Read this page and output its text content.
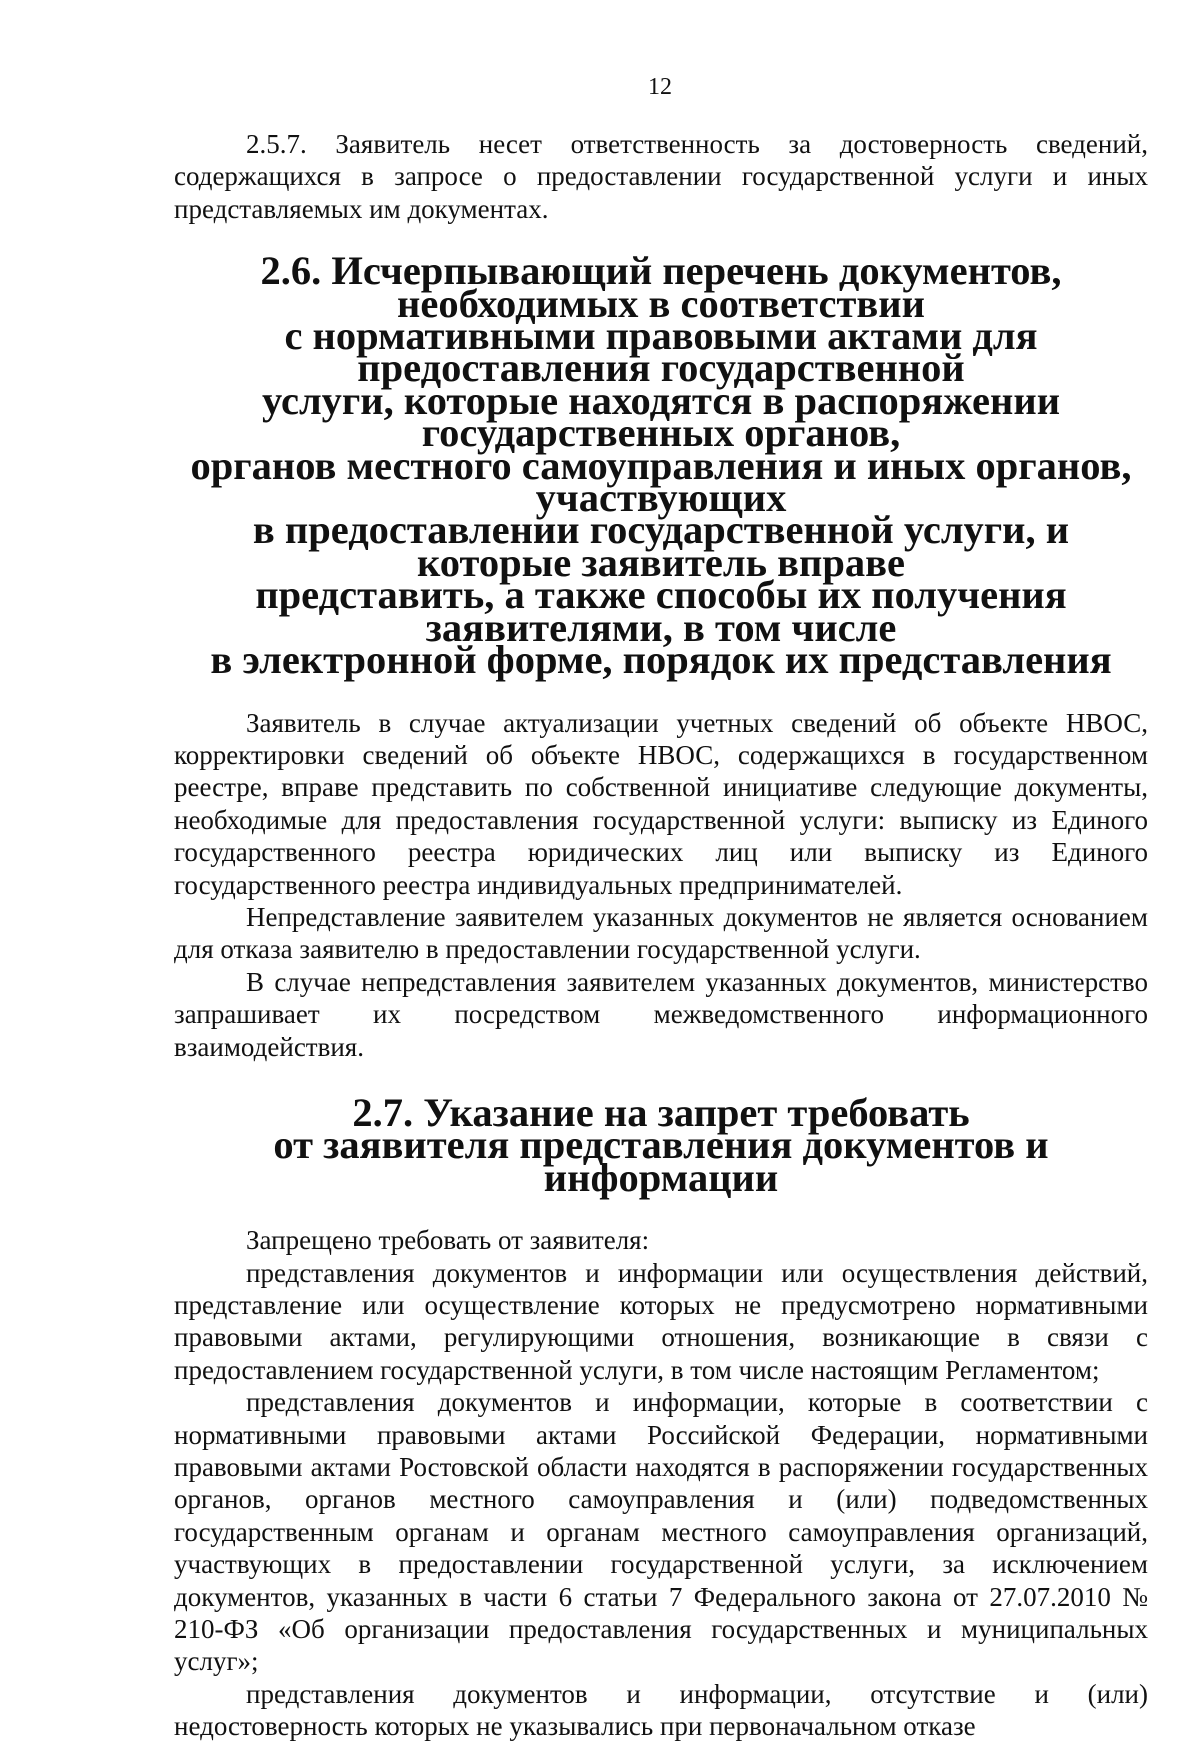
12

2.5.7. Заявитель несет ответственность за достоверность сведений, содержащихся в запросе о предоставлении государственной услуги и иных представляемых им документах.

2.6. Исчерпывающий перечень документов, необходимых в соответствии
с нормативными правовыми актами для предоставления государственной
услуги, которые находятся в распоряжении государственных органов,
органов местного самоуправления и иных органов, участвующих
в предоставлении государственной услуги, и которые заявитель вправе
представить, а также способы их получения заявителями, в том числе
в электронной форме, порядок их представления

Заявитель в случае актуализации учетных сведений об объекте НВОС, корректировки сведений об объекте НВОС, содержащихся в государственном реестре, вправе представить по собственной инициативе следующие документы, необходимые для предоставления государственной услуги: выписку из Единого государственного реестра юридических лиц или выписку из Единого государственного реестра индивидуальных предпринимателей.

Непредставление заявителем указанных документов не является основанием для отказа заявителю в предоставлении государственной услуги.

В случае непредставления заявителем указанных документов, министерство запрашивает их посредством межведомственного информационного взаимодействия.

2.7. Указание на запрет требовать
от заявителя представления документов и информации

Запрещено требовать от заявителя:

представления документов и информации или осуществления действий, представление или осуществление которых не предусмотрено нормативными правовыми актами, регулирующими отношения, возникающие в связи с предоставлением государственной услуги, в том числе настоящим Регламентом;

представления документов и информации, которые в соответствии с нормативными правовыми актами Российской Федерации, нормативными правовыми актами Ростовской области находятся в распоряжении государственных органов, органов местного самоуправления и (или) подведомственных государственным органам и органам местного самоуправления организаций, участвующих в предоставлении государственной услуги, за исключением документов, указанных в части 6 статьи 7 Федерального закона от 27.07.2010 № 210-ФЗ «Об организации предоставления государственных и муниципальных услуг»;

представления документов и информации, отсутствие и (или) недостоверность которых не указывались при первоначальном отказе
